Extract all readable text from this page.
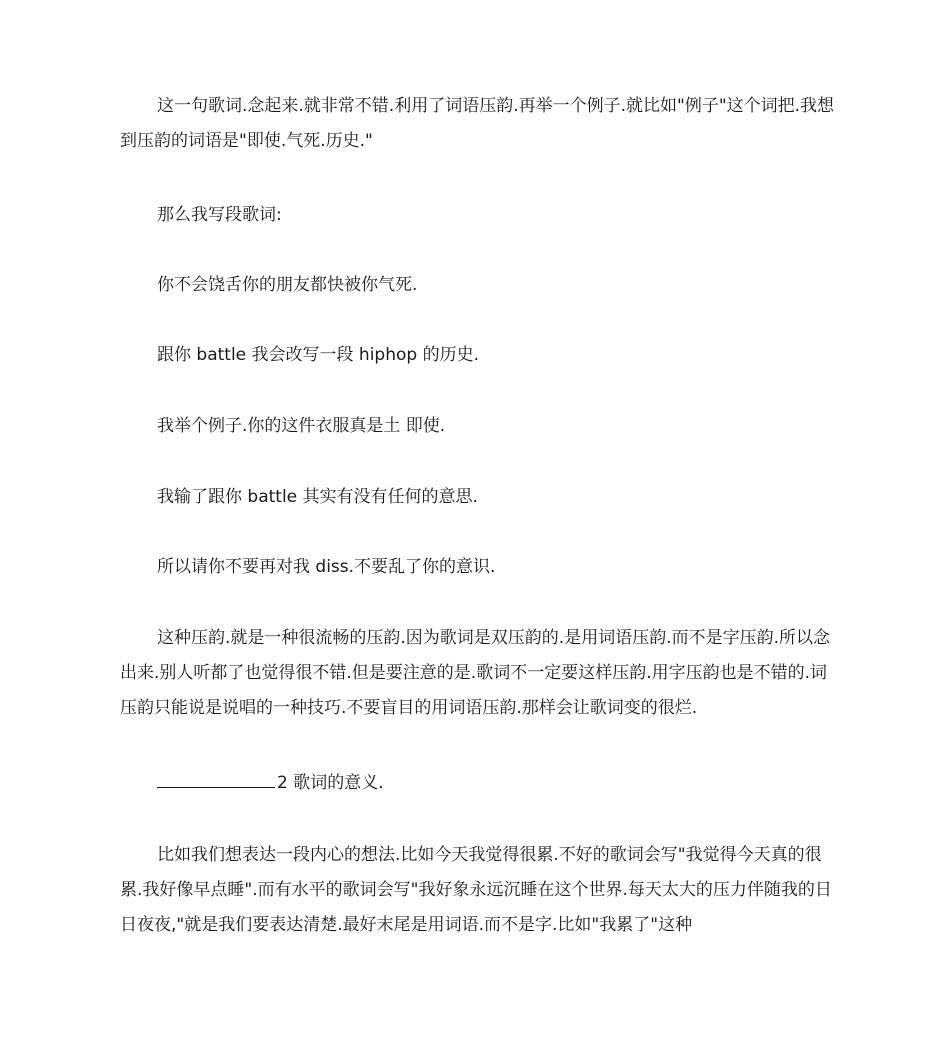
这一句歌词.念起来.就非常不错.利用了词语压韵.再举一个例子.就比如"例子"这个词把.我想到压韵的词语是"即使.气死.历史."

那么我写段歌词:

你不会饶舌你的朋友都快被你气死.

跟你 battle 我会改写一段 hiphop 的历史.

我举个例子.你的这件衣服真是土 即使.

我输了跟你 battle 其实有没有任何的意思.

所以请你不要再对我 diss.不要乱了你的意识.

这种压韵.就是一种很流畅的压韵.因为歌词是双压韵的.是用词语压韵.而不是字压韵.所以念出来.别人听都了也觉得很不错.但是要注意的是.歌词不一定要这样压韵.用字压韵也是不错的.词压韵只能说是说唱的一种技巧.不要盲目的用词语压韵.那样会让歌词变的很烂.

2 歌词的意义.

比如我们想表达一段内心的想法.比如今天我觉得很累.不好的歌词会写"我觉得今天真的很累.我好像早点睡".而有水平的歌词会写"我好象永远沉睡在这个世界.每天太大的压力伴随我的日日夜夜,"就是我们要表达清楚.最好末尾是用词语.而不是字.比如"我累了"这种
